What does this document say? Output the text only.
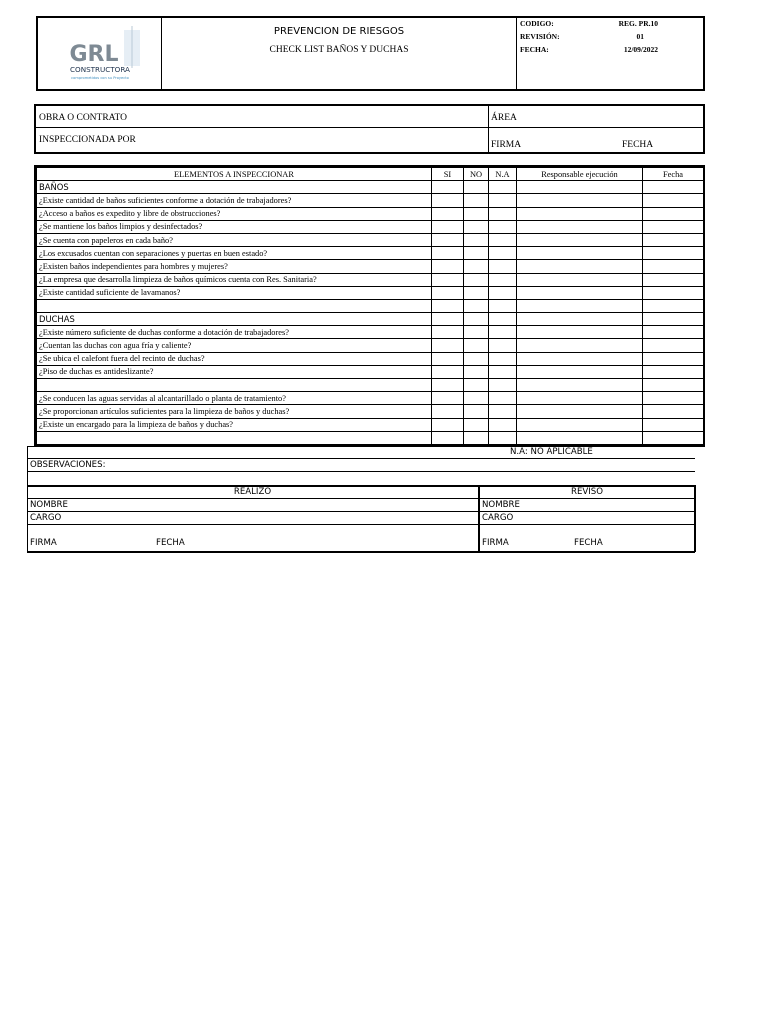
GRL
CONSTRUCTORA
comprometidos con su Proyecto
PREVENCION DE RIESGOS
CHECK LIST BAÑOS Y DUCHAS
CODIGO:	REG. PR.10
REVISIÓN:	01
FECHA:	12/09/2022
OBRA O CONTRATO	ÁREA
INSPECCIONADA POR	FIRMA	FECHA
ELEMENTOS A INSPECCIONAR	SI	NO	N.A	Responsable ejecución	Fecha
BAÑOS					
¿Existe cantidad de baños suficientes conforme a dotación de trabajadores?					
¿Acceso a baños es expedito y libre de obstrucciones?					
¿Se mantiene los baños limpios y desinfectados?					
¿Se cuenta con papeleros en cada baño?					
¿Los excusados cuentan con separaciones y puertas en buen estado?					
¿Existen baños independientes para hombres y mujeres?					
¿La empresa que desarrolla limpieza de baños químicos cuenta con Res. Sanitaria?					
¿Existe cantidad suficiente de lavamanos?					

DUCHAS					
¿Existe número suficiente de duchas conforme a dotación de trabajadores?					
¿Cuentan las duchas con agua fría y caliente?					
¿Se ubica el calefont fuera del recinto de duchas?					
¿Piso de duchas es antideslizante?					

¿Se conducen las aguas servidas al alcantarillado o planta de tratamiento?					
¿Se proporcionan artículos suficientes para la limpieza de baños y duchas?					
¿Existe un encargado para la limpieza de baños y duchas?					

N.A: NO APLICABLE
OBSERVACIONES:
REALIZO	REVISO
NOMBRE
CARGO
FIRMA	FECHA
NOMBRE
CARGO
FIRMA	FECHA
